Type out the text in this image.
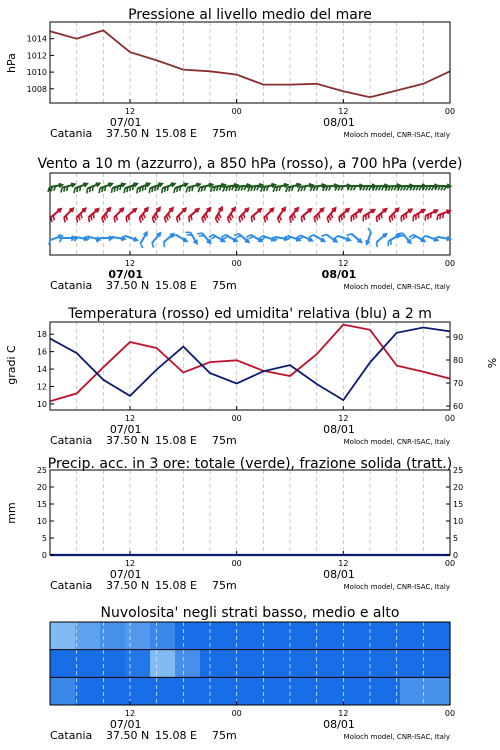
Pressione al livello medio del mare
1008
1010
1012
1014
hPa
12	00	12	00
07/01	08/01
Catania 37.50 N 15.08 E 75m	Moloch model, CNR-ISAC, Italy
Vento a 10 m (azzurro), a 850 hPa (rosso), a 700 hPa (verde)
12	00	12	00
07/01	08/01
Catania 37.50 N 15.08 E 75m	Moloch model, CNR-ISAC, Italy
Temperatura (rosso) ed umidita' relativa (blu) a 2 m
10
12
14
16
18
60
70
80
90
gradi C	%
12	00	12	00
07/01	08/01
Catania 37.50 N 15.08 E 75m	Moloch model, CNR-ISAC, Italy
Precip. acc. in 3 ore: totale (verde), frazione solida (tratt.)
0
5
10
15
20
25
0
5
10
15
20
25
mm
12	00	12	00
07/01	08/01
Catania 37.50 N 15.08 E 75m	Moloch model, CNR-ISAC, Italy
Nuvolosita' negli strati basso, medio e alto
12	00	12	00
07/01	08/01
Catania 37.50 N 15.08 E 75m	Moloch model, CNR-ISAC, Italy
